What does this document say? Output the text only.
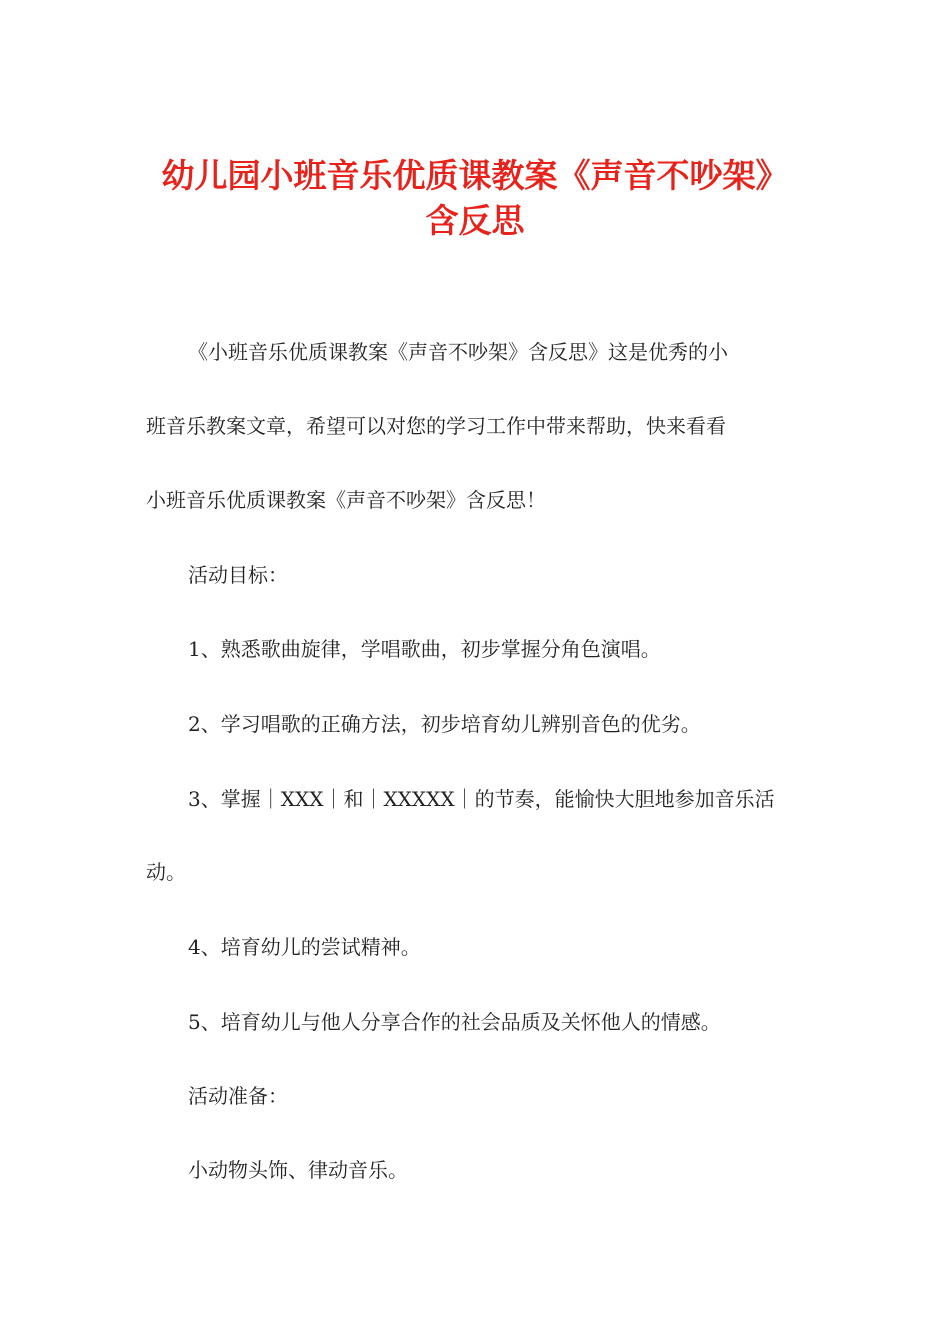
幼儿园小班音乐优质课教案《声音不吵架》
含反思

《小班音乐优质课教案《声音不吵架》含反思》这是优秀的小

班音乐教案文章，希望可以对您的学习工作中带来帮助，快来看看

小班音乐优质课教案《声音不吵架》含反思！

活动目标：

1、熟悉歌曲旋律，学唱歌曲，初步掌握分角色演唱。

2、学习唱歌的正确方法，初步培育幼儿辨别音色的优劣。

3、掌握｜XXX｜和｜XXXXX｜的节奏，能愉快大胆地参加音乐活

动。

4、培育幼儿的尝试精神。

5、培育幼儿与他人分享合作的社会品质及关怀他人的情感。

活动准备：

小动物头饰、律动音乐。
